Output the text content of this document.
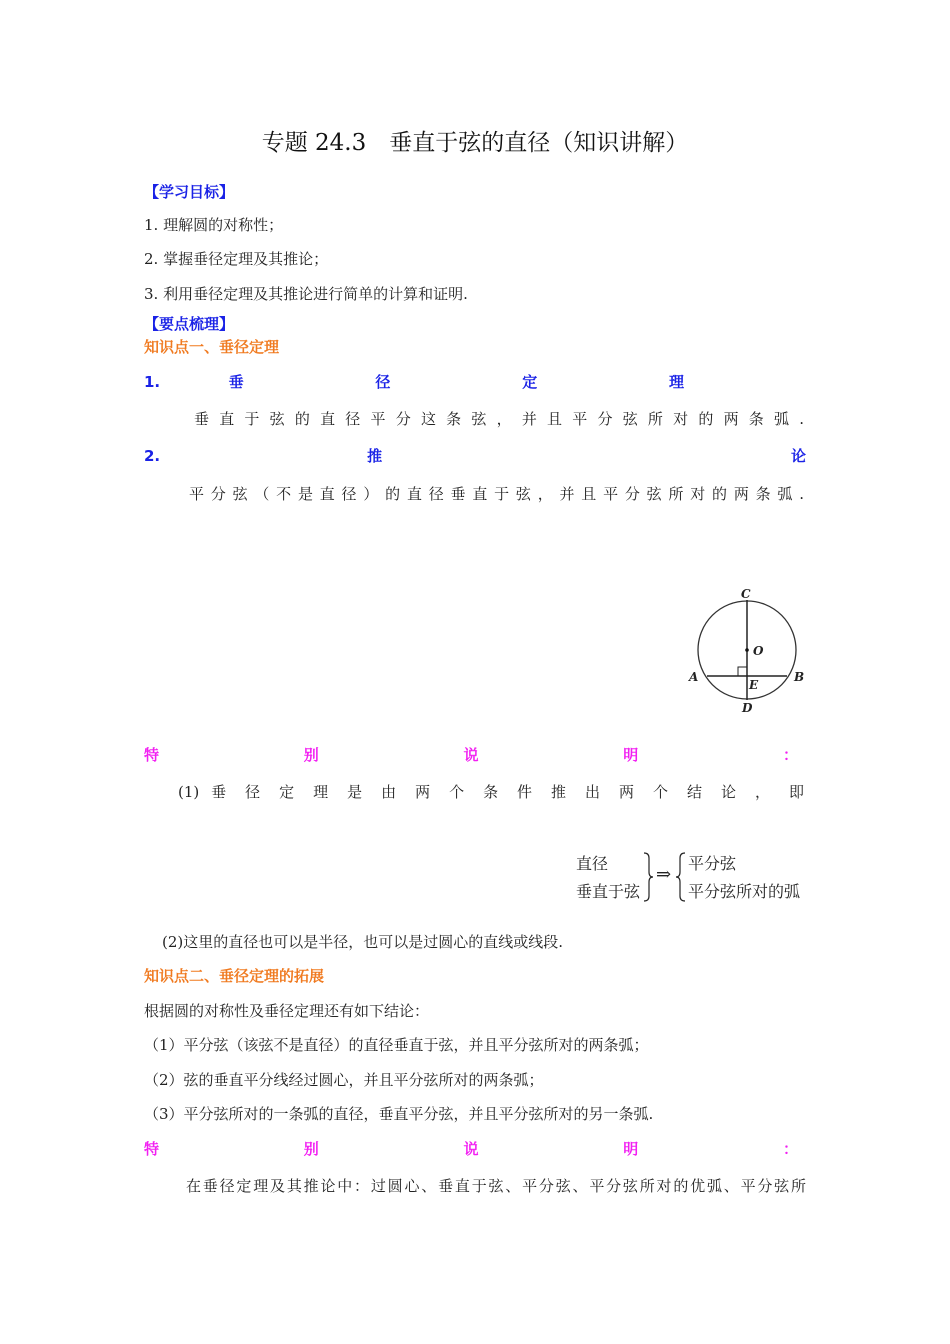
专题 24.3　垂直于弦的直径（知识讲解）
【学习目标】
1. 理解圆的对称性；
2. 掌握垂径定理及其推论；
3. 利用垂径定理及其推论进行简单的计算和证明.
【要点梳理】
知识点一、垂径定理
1. 垂 径 定 理
垂 直 于 弦 的 直 径 平 分 这 条 弦 ， 并 且 平 分 弦 所 对 的 两 条 弧 .
2. 推 论
平 分 弦 （ 不 是 直 径 ） 的 直 径 垂 直 于 弦 ， 并 且 平 分 弦 所 对 的 两 条 弧 .
C
O
A	B
E
D
特 别 说 明 ：
(1) 垂 径 定 理 是 由 两 个 条 件 推 出 两 个 结 论 ， 即
直径
垂直于弦
⇒
平分弦
平分弦所对的弧
(2)这里的直径也可以是半径，也可以是过圆心的直线或线段.
知识点二、垂径定理的拓展
根据圆的对称性及垂径定理还有如下结论：
（1）平分弦（该弦不是直径）的直径垂直于弦，并且平分弦所对的两条弧；
（2）弦的垂直平分线经过圆心，并且平分弦所对的两条弧；
（3）平分弦所对的一条弧的直径，垂直平分弦，并且平分弦所对的另一条弧.
特 别 说 明 ：
在垂径定理及其推论中：过圆心、垂直于弦、平分弦、平分弦所对的优弧、平分弦所
